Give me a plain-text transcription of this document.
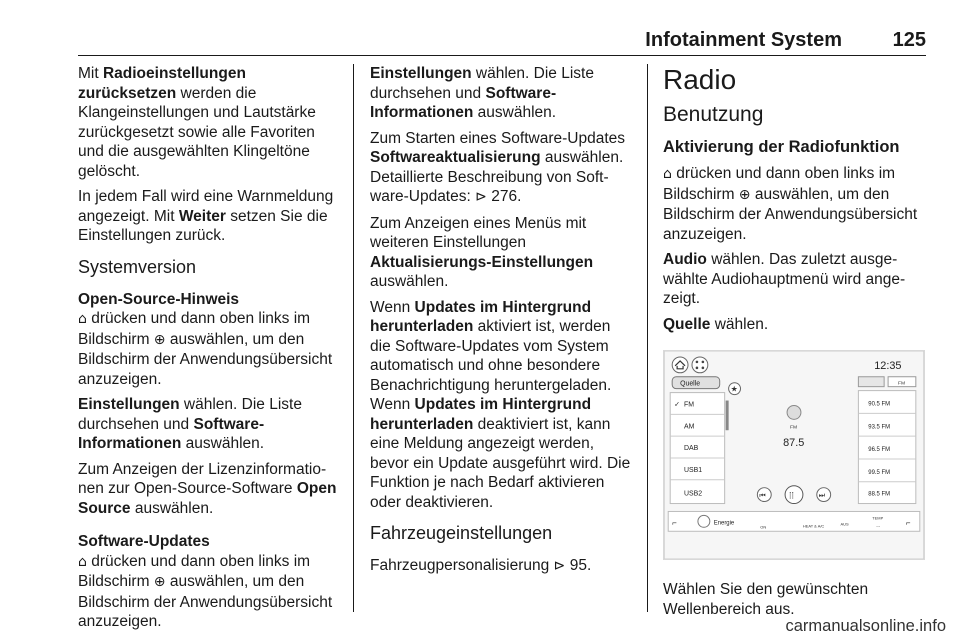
Infotainment System	125

Mit Radioeinstellungen zurücksetzen werden die Klangeinstellungen und Lautstärke zurückgesetzt sowie alle Favoriten und die ausgewählten Klingeltöne gelöscht.

In jedem Fall wird eine Warnmeldung angezeigt. Mit Weiter setzen Sie die Einstellungen zurück.

Systemversion
Open-Source-Hinweis

⌂ drücken und dann oben links im Bildschirm ⊕ auswählen, um den Bildschirm der Anwendungsübersicht anzuzeigen.

Einstellungen wählen. Die Liste durchsehen und Software-Informationen auswählen.

Zum Anzeigen der Lizenzinformationen zur Open-Source-Software Open Source auswählen.

Software-Updates

⌂ drücken und dann oben links im Bildschirm ⊕ auswählen, um den Bildschirm der Anwendungsübersicht anzuzeigen.

Einstellungen wählen. Die Liste durchsehen und Software-Informationen auswählen.

Zum Starten eines Software-Updates Softwareaktualisierung auswählen. Detaillierte Beschreibung von Software-Updates: ⊳ 276.

Zum Anzeigen eines Menüs mit weiteren Einstellungen Aktualisierungs-Einstellungen auswählen.

Wenn Updates im Hintergrund herunterladen aktiviert ist, werden die Software-Updates vom System automatisch und ohne besondere Benachrichtigung heruntergeladen. Wenn Updates im Hintergrund herunterladen deaktiviert ist, kann eine Meldung angezeigt werden, bevor ein Update ausgeführt wird. Die Funktion je nach Bedarf aktivieren oder deaktivieren.

Fahrzeugeinstellungen

Fahrzeugpersonalisierung ⊳ 95.

Radio
Benutzung
Aktivierung der Radiofunktion

⌂ drücken und dann oben links im Bildschirm ⊕ auswählen, um den Bildschirm der Anwendungsübersicht anzuzeigen.

Audio wählen. Das zuletzt ausgewählte Audiohauptmenü wird angezeigt.

Quelle wählen.

12:35
Quelle
★
✓ FM
AM
DAB
USB1
USB2
FM
87.5
⏮	⁞⁞	⏭
FM
90.5 FM
93.5 FM
96.5 FM
99.5 FM
88.5 FM
⌐	Energie
ON	HEAT & A/C	AUS
TEMP
---	⌐

Wählen Sie den gewünschten Wellenbereich aus.

carmanualsonline.info
